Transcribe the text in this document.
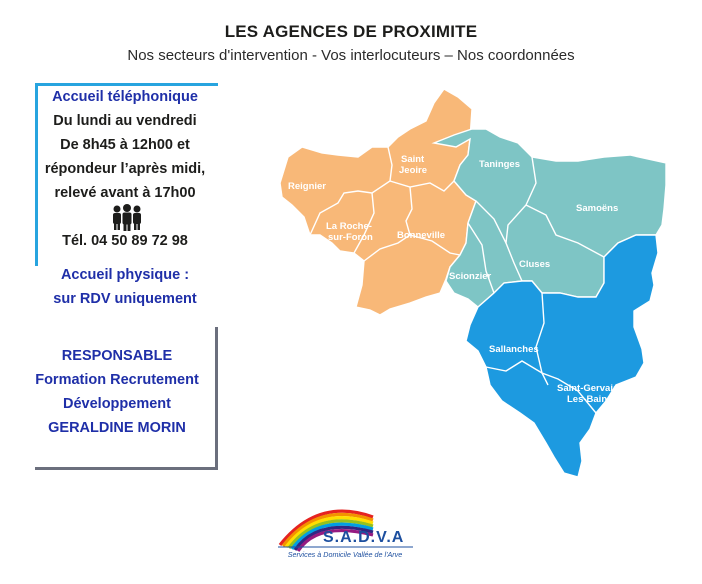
LES AGENCES DE PROXIMITE
Nos secteurs d'intervention - Vos interlocuteurs – Nos coordonnées
Accueil téléphonique
Du lundi au vendredi
De 8h45 à 12h00 et
répondeur l’après midi,
relevé avant à 17h00
Tél. 04 50 89 72 98
Accueil physique :
sur RDV uniquement
RESPONSABLE
Formation Recrutement
Développement
GERALDINE MORIN
Reignier
Saint
Jeoire
La Roche-
sur-Foron	Bonneville
Taninges
Samoëns
Scionzier
Cluses
Sallanches
Saint-Gervais
Les-Bains
S.A.D.V.A
Services à Domicile Vallée de l'Arve
